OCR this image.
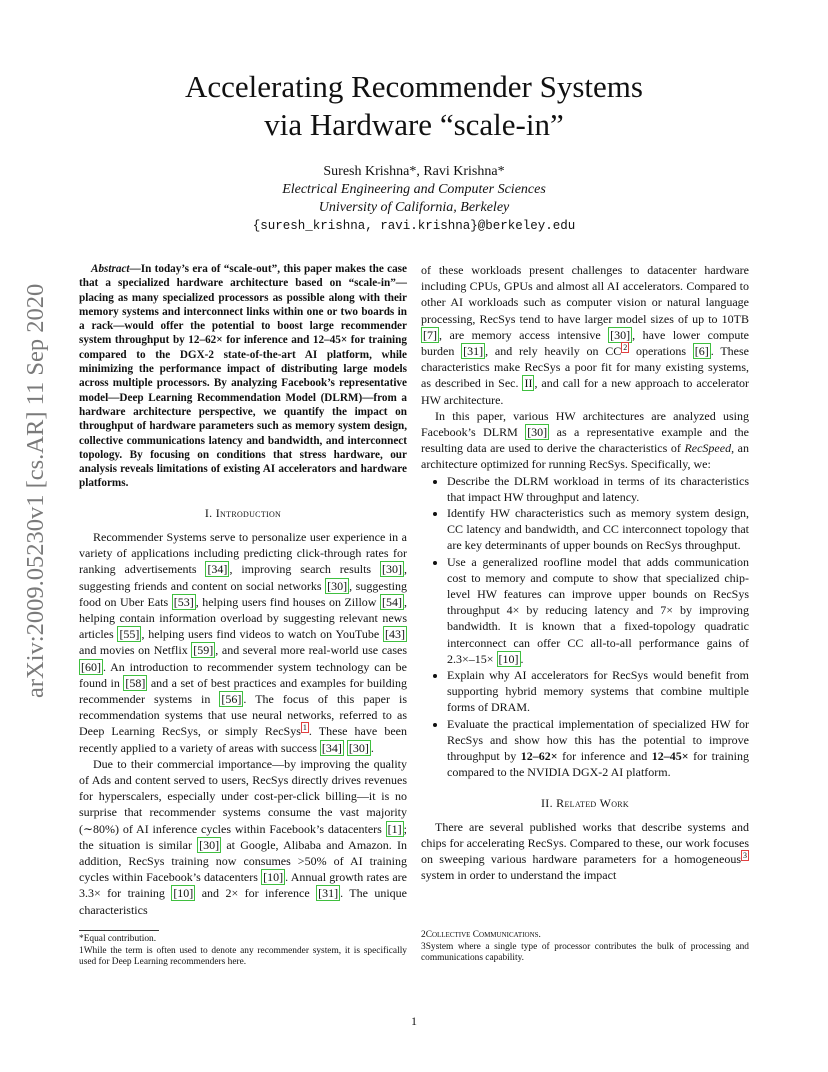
arXiv:2009.05230v1 [cs.AR] 11 Sep 2020
Accelerating Recommender Systems
via Hardware “scale-in”
Suresh Krishna*, Ravi Krishna*
Electrical Engineering and Computer Sciences
University of California, Berkeley
{suresh_krishna, ravi.krishna}@berkeley.edu

Abstract—In today’s era of “scale-out”, this paper makes the case that a specialized hardware architecture based on “scale-in”—placing as many specialized processors as possible along with their memory systems and interconnect links within one or two boards in a rack—would offer the potential to boost large recommender system throughput by 12–62× for inference and 12–45× for training compared to the DGX-2 state-of-the-art AI platform, while minimizing the performance impact of distributing large models across multiple processors. By analyzing Facebook’s representative model—Deep Learning Recommendation Model (DLRM)—from a hardware architecture perspective, we quantify the impact on throughput of hardware parameters such as memory system design, collective communications latency and bandwidth, and interconnect topology. By focusing on conditions that stress hardware, our analysis reveals limitations of existing AI accelerators and hardware platforms.

I. Introduction

Recommender Systems serve to personalize user experience in a variety of applications including predicting click-through rates for ranking advertisements [34] , improving search results [30] , suggesting friends and content on social networks [30] , suggesting food on Uber Eats [53] , helping users find houses on Zillow [54] , helping contain information overload by suggesting relevant news articles [55] , helping users find videos to watch on YouTube [43] and movies on Netflix [59] , and several more real-world use cases [60] . An introduction to recommender system technology can be found in [58] and a set of best practices and examples for building recommender systems in [56] . The focus of this paper is recommendation systems that use neural networks, referred to as Deep Learning RecSys, or simply RecSys $^1$ . These have been recently applied to a variety of areas with success [34] [30] .

Due to their commercial importance—by improving the quality of Ads and content served to users, RecSys directly drives revenues for hyperscalers, especially under cost-per-click billing—it is no surprise that recommender systems consume the vast majority (∼80%) of AI inference cycles within Facebook’s datacenters [1] ; the situation is similar [30] at Google, Alibaba and Amazon. In addition, RecSys training now consumes >50% of AI training cycles within Facebook’s datacenters [10] . Annual growth rates are 3.3× for training [10] and 2× for inference [31] . The unique characteristics

of these workloads present challenges to datacenter hardware including CPUs, GPUs and almost all AI accelerators. Compared to other AI workloads such as computer vision or natural language processing, RecSys tend to have larger model sizes of up to 10TB [7] , are memory access intensive [30] , have lower compute burden [31] , and rely heavily on CC $^2$ operations [6] . These characteristics make RecSys a poor fit for many existing systems, as described in Sec. II , and call for a new approach to accelerator HW architecture.

In this paper, various HW architectures are analyzed using Facebook’s DLRM [30] as a representative example and the resulting data are used to derive the characteristics of RecSpeed, an architecture optimized for running RecSys. Specifically, we:

• Describe the DLRM workload in terms of its characteristics that impact HW throughput and latency.
• Identify HW characteristics such as memory system design, CC latency and bandwidth, and CC interconnect topology that are key determinants of upper bounds on RecSys throughput.
• Use a generalized roofline model that adds communication cost to memory and compute to show that specialized chip-level HW features can improve upper bounds on RecSys throughput 4× by reducing latency and 7× by improving bandwidth. It is known that a fixed-topology quadratic interconnect can offer CC all-to-all performance gains of 2.3×–15× [10] .
• Explain why AI accelerators for RecSys would benefit from supporting hybrid memory systems that combine multiple forms of DRAM.
• Evaluate the practical implementation of specialized HW for RecSys and show how this has the potential to improve throughput by 12–62× for inference and 12–45× for training compared to the NVIDIA DGX-2 AI platform.
II. Related Work

There are several published works that describe systems and chips for accelerating RecSys. Compared to these, our work focuses on sweeping various hardware parameters for a homogeneous $^3$ system in order to understand the impact

*Equal contribution.
1While the term is often used to denote any recommender system, it is specifically used for Deep Learning recommenders here.
2Collective Communications.
3System where a single type of processor contributes the bulk of processing and communications capability.
1
